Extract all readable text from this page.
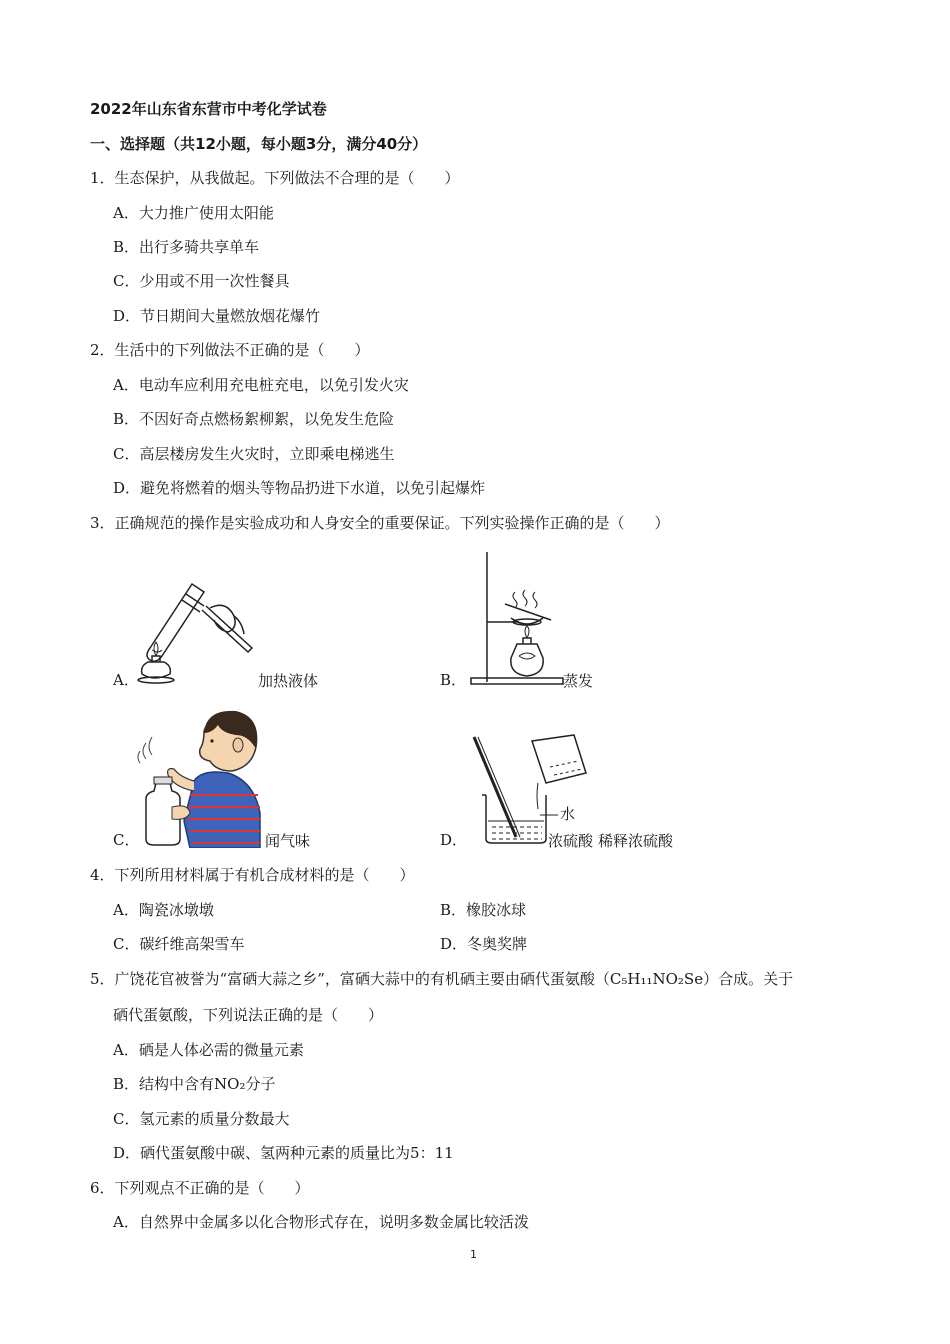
2022年山东省东营市中考化学试卷
一、选择题（共12小题，每小题3分，满分40分）
1．生态保护，从我做起。下列做法不合理的是（　　）
A．大力推广使用太阳能
B．出行多骑共享单车
C．少用或不用一次性餐具
D．节日期间大量燃放烟花爆竹
2．生活中的下列做法不正确的是（　　）
A．电动车应利用充电桩充电，以免引发火灾
B．不因好奇点燃杨絮柳絮，以免发生危险
C．高层楼房发生火灾时，立即乘电梯逃生
D．避免将燃着的烟头等物品扔进下水道，以免引起爆炸
3．正确规范的操作是实验成功和人身安全的重要保证。下列实验操作正确的是（　　）
A．	加热液体	B．	蒸发
C．	闻气味
水
D．	浓硫酸 稀释浓硫酸
4．下列所用材料属于有机合成材料的是（　　）
A．陶瓷冰墩墩	B．橡胶冰球
C．碳纤维高架雪车	D．冬奥奖牌
5．广饶花官被誉为“富硒大蒜之乡”，富硒大蒜中的有机硒主要由硒代蛋氨酸（C₅H₁₁NO₂Se）合成。关于
硒代蛋氨酸，下列说法正确的是（　　）
A．硒是人体必需的微量元素
B．结构中含有NO₂分子
C．氢元素的质量分数最大
D．硒代蛋氨酸中碳、氢两种元素的质量比为5：11
6．下列观点不正确的是（　　）
A．自然界中金属多以化合物形式存在，说明多数金属比较活泼
1
